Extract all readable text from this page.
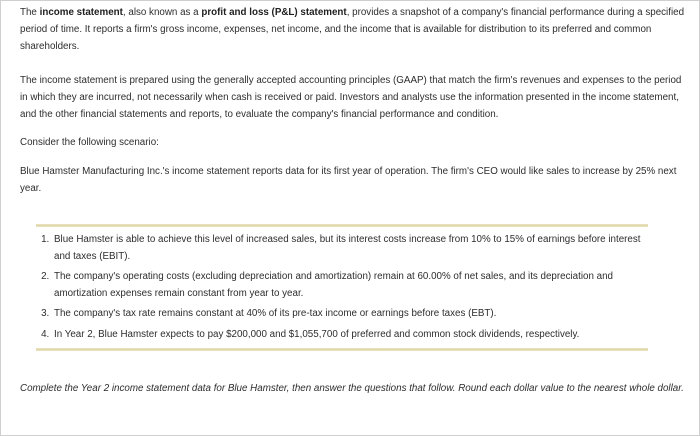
The income statement, also known as a profit and loss (P&L) statement, provides a snapshot of a company's financial performance during a specified period of time. It reports a firm's gross income, expenses, net income, and the income that is available for distribution to its preferred and common shareholders.

The income statement is prepared using the generally accepted accounting principles (GAAP) that match the firm's revenues and expenses to the period in which they are incurred, not necessarily when cash is received or paid. Investors and analysts use the information presented in the income statement, and the other financial statements and reports, to evaluate the company's financial performance and condition.

Consider the following scenario:

Blue Hamster Manufacturing Inc.'s income statement reports data for its first year of operation. The firm's CEO would like sales to increase by 25% next year.

1. Blue Hamster is able to achieve this level of increased sales, but its interest costs increase from 10% to 15% of earnings before interest and taxes (EBIT).
2. The company's operating costs (excluding depreciation and amortization) remain at 60.00% of net sales, and its depreciation and amortization expenses remain constant from year to year.
3. The company's tax rate remains constant at 40% of its pre-tax income or earnings before taxes (EBT).
4. In Year 2, Blue Hamster expects to pay $200,000 and $1,055,700 of preferred and common stock dividends, respectively.

Complete the Year 2 income statement data for Blue Hamster, then answer the questions that follow. Round each dollar value to the nearest whole dollar.
